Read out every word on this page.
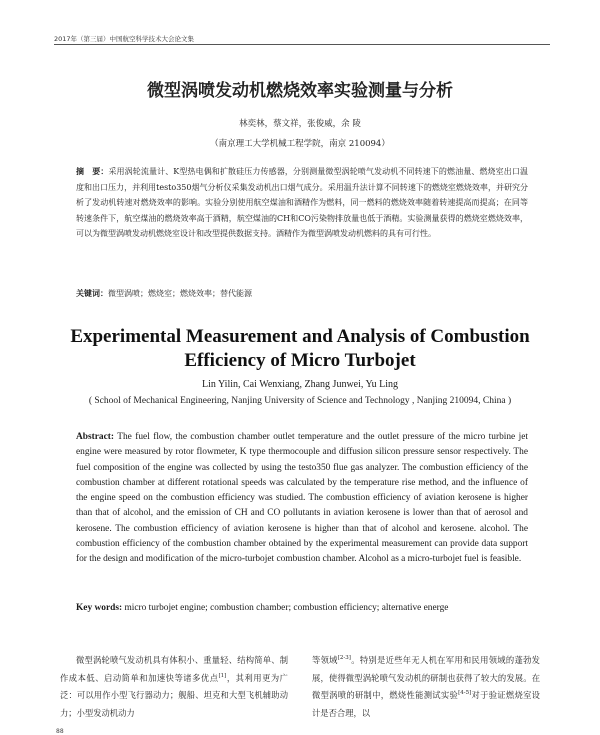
2017年（第三届）中国航空科学技术大会论文集
微型涡喷发动机燃烧效率实验测量与分析
林奕林，蔡文祥，张俊威，余 陵
（南京理工大学机械工程学院，南京 210094）
摘　要：采用涡轮流量计、K型热电偶和扩散硅压力传感器，分别测量微型涡轮喷气发动机不同转速下的燃油量、燃烧室出口温度和出口压力，并利用testo350烟气分析仪采集发动机出口烟气成分。采用温升法计算不同转速下的燃烧室燃烧效率，并研究分析了发动机转速对燃烧效率的影响。实验分别使用航空煤油和酒精作为燃料，同一燃料的燃烧效率随着转速提高而提高；在同等转速条件下，航空煤油的燃烧效率高于酒精，航空煤油的CH和CO污染物排放量也低于酒精。实验测量获得的燃烧室燃烧效率，可以为微型涡喷发动机燃烧室设计和改型提供数据支持。酒精作为微型涡喷发动机燃料的具有可行性。
关键词：微型涡喷；燃烧室；燃烧效率；替代能源
Experimental Measurement and Analysis of Combustion Efficiency of Micro Turbojet
Lin Yilin, Cai Wenxiang, Zhang Junwei, Yu Ling
( School of Mechanical Engineering, Nanjing University of Science and Technology , Nanjing 210094, China )
Abstract: The fuel flow, the combustion chamber outlet temperature and the outlet pressure of the micro turbine jet engine were measured by rotor flowmeter, K type thermocouple and diffusion silicon pressure sensor respectively. The fuel composition of the engine was collected by using the testo350 flue gas analyzer. The combustion efficiency of the combustion chamber at different rotational speeds was calculated by the temperature rise method, and the influence of the engine speed on the combustion efficiency was studied. The combustion efficiency of aviation kerosene is higher than that of alcohol, and the emission of CH and CO pollutants in aviation kerosene is lower than that of aerosol and kerosene. The combustion efficiency of aviation kerosene is higher than that of alcohol and kerosene. alcohol. The combustion efficiency of the combustion chamber obtained by the experimental measurement can provide data support for the design and modification of the micro-turbojet combustion chamber. Alcohol as a micro-turbojet fuel is feasible.
Key words: micro turbojet engine; combustion chamber; combustion efficiency; alternative energe
微型涡轮喷气发动机具有体积小、重量轻、结构简单、制作成本低、启动简单和加速快等诸多优点[1]，其利用更为广泛：可以用作小型飞行器动力；舰船、坦克和大型飞机辅助动力；小型发动机动力
等领域[2-3]。特别是近些年无人机在军用和民用领域的蓬勃发展，使得微型涡轮喷气发动机的研制也获得了较大的发展。在微型涡喷的研制中，燃烧性能测试实验[4-5]对于验证燃烧室设计是否合理，以
88
